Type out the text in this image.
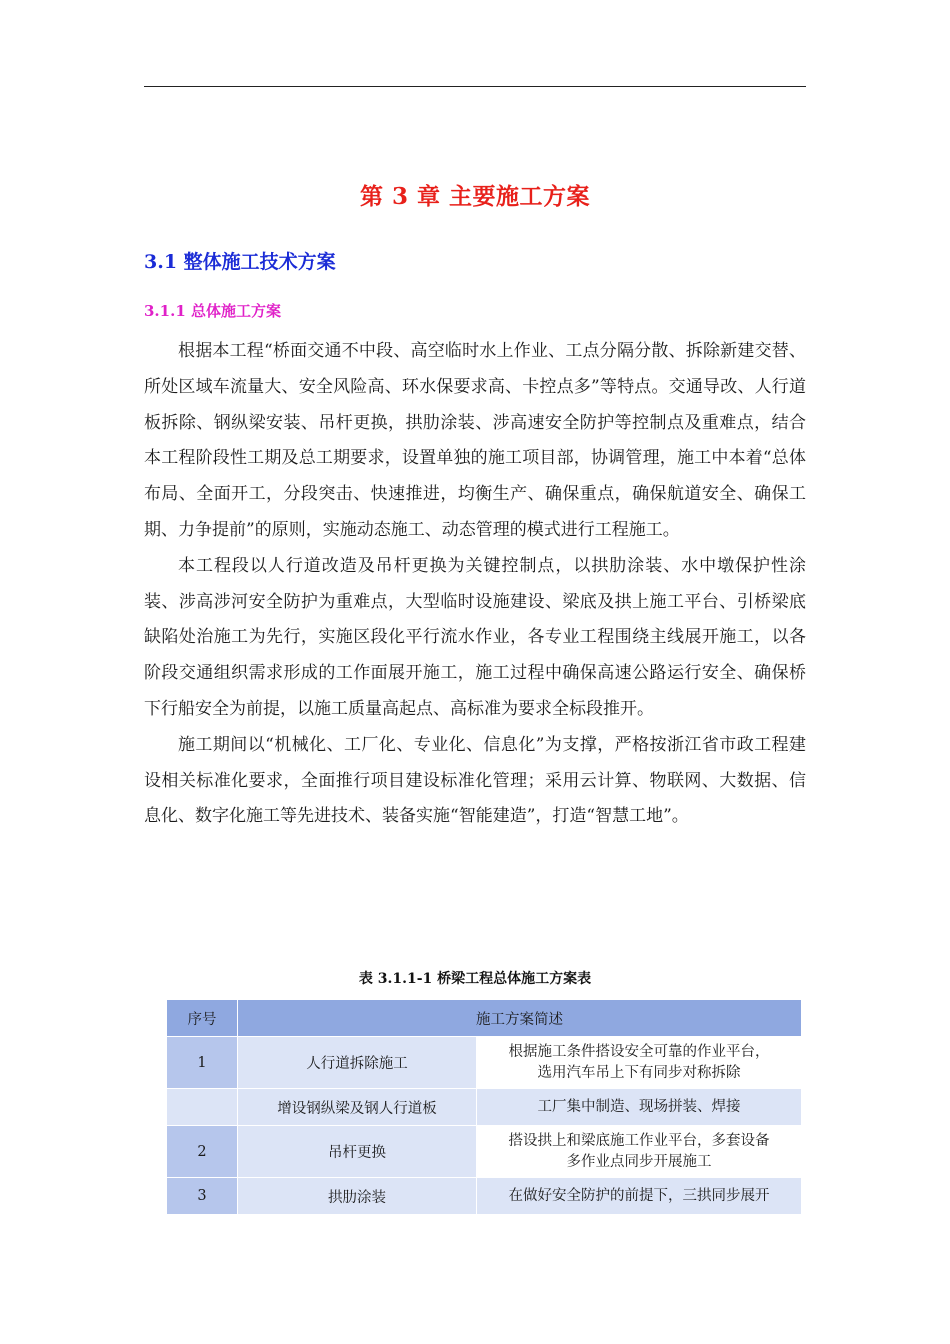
第 3 章 主要施工方案
3.1 整体施工技术方案
3.1.1 总体施工方案

根据本工程“桥面交通不中段、高空临时水上作业、工点分隔分散、拆除新建交替、所处区域车流量大、安全风险高、环水保要求高、卡控点多”等特点。交通导改、人行道板拆除、钢纵梁安装、吊杆更换，拱肋涂装、涉高速安全防护等控制点及重难点，结合本工程阶段性工期及总工期要求，设置单独的施工项目部，协调管理，施工中本着“总体布局、全面开工，分段突击、快速推进，均衡生产、确保重点，确保航道安全、确保工期、力争提前”的原则，实施动态施工、动态管理的模式进行工程施工。

本工程段以人行道改造及吊杆更换为关键控制点，以拱肋涂装、水中墩保护性涂装、涉高涉河安全防护为重难点，大型临时设施建设、梁底及拱上施工平台、引桥梁底缺陷处治施工为先行，实施区段化平行流水作业，各专业工程围绕主线展开施工，以各阶段交通组织需求形成的工作面展开施工，施工过程中确保高速公路运行安全、确保桥下行船安全为前提，以施工质量高起点、高标准为要求全标段推开。

施工期间以“机械化、工厂化、专业化、信息化”为支撑，严格按浙江省市政工程建设相关标准化要求，全面推行项目建设标准化管理；采用云计算、物联网、大数据、信息化、数字化施工等先进技术、装备实施“智能建造”，打造“智慧工地”。

表 3.1.1-1 桥梁工程总体施工方案表
序号	施工方案简述	
1	人行道拆除施工	根据施工条件搭设安全可靠的作业平台，
选用汽车吊上下有同步对称拆除

	增设钢纵梁及钢人行道板	工厂集中制造、现场拼装、焊接

2	吊杆更换	搭设拱上和梁底施工作业平台，多套设备
多作业点同步开展施工

3	拱肋涂装	在做好安全防护的前提下，三拱同步展开
